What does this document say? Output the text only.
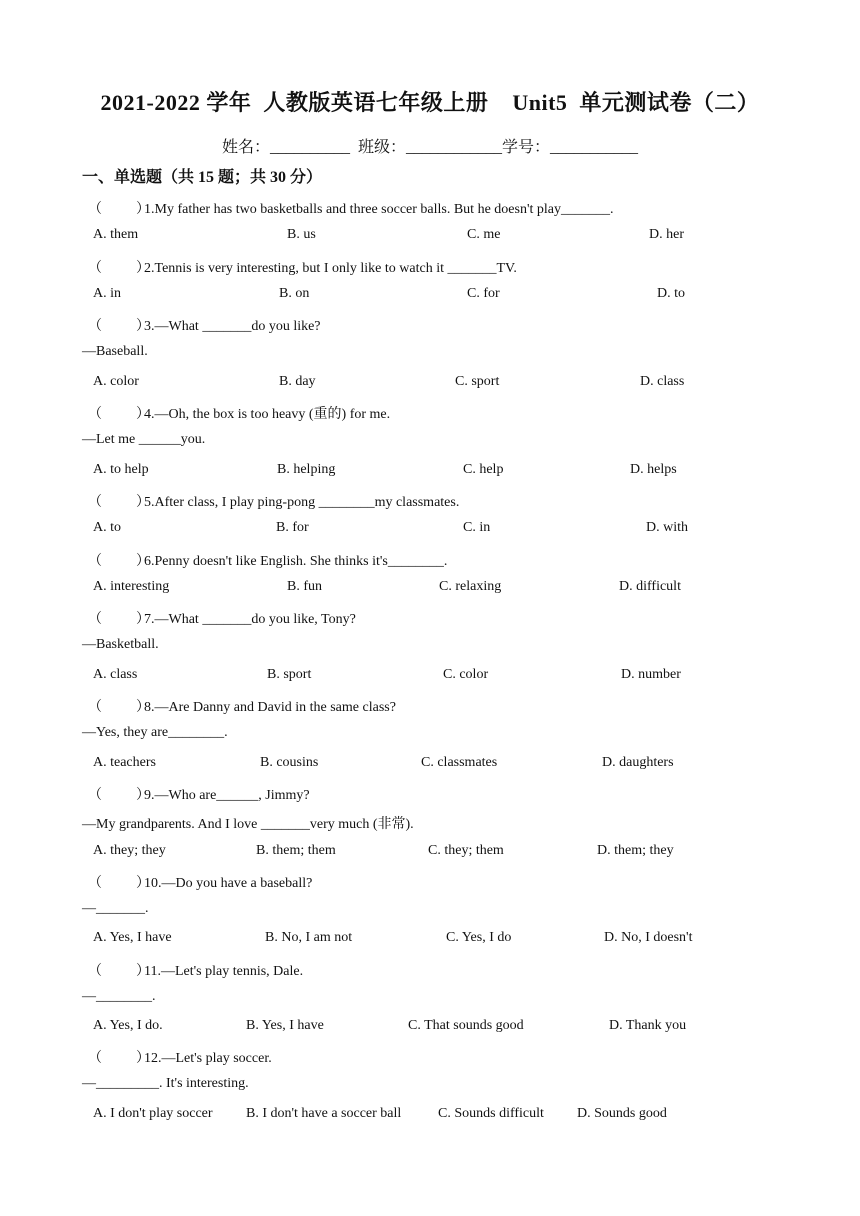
2021-2022 学年  人教版英语七年级上册    Unit5  单元测试卷（二）
姓名：__________  班级：____________学号：___________
一、单选题（共 15 题；共 30 分）
（　　）1.My father has two basketballs and three soccer balls. But he doesn't play_______.
A. them	B. us	C. me	D. her
（　　）2.Tennis is very interesting, but I only like to watch it _______TV.
A. in	B. on	C. for	D. to
（　　）3.—What _______do you like?
—Baseball.
A. color	B. day	C. sport	D. class
（　　）4.—Oh, the box is too heavy (重的) for me.
—Let me ______you.
A. to help	B. helping	C. help	D. helps
（　　）5.After class, I play ping-pong ________my classmates.
A. to	B. for	C. in	D. with
（　　）6.Penny doesn't like English. She thinks it's________.
A. interesting	B. fun	C. relaxing	D. difficult
（　　）7.—What _______do you like, Tony?
—Basketball.
A. class	B. sport	C. color	D. number
（　　）8.—Are Danny and David in the same class?
—Yes, they are________.
A. teachers	B. cousins	C. classmates	D. daughters
（　　）9.—Who are______, Jimmy?
—My grandparents. And I love _______very much (非常).
A. they; they	B. them; them	C. they; them	D. them; they
（　　）10.—Do you have a baseball?
—_______.
A. Yes, I have	B. No, I am not	C. Yes, I do	D. No, I doesn't
（　　）11.—Let's play tennis, Dale.
—________.
A. Yes, I do.	B. Yes, I have	C. That sounds good	D. Thank you
（　　）12.—Let's play soccer.
—_________. It's interesting.
A. I don't play soccer B. I don't have a soccer ball	C. Sounds difficult D. Sounds good
